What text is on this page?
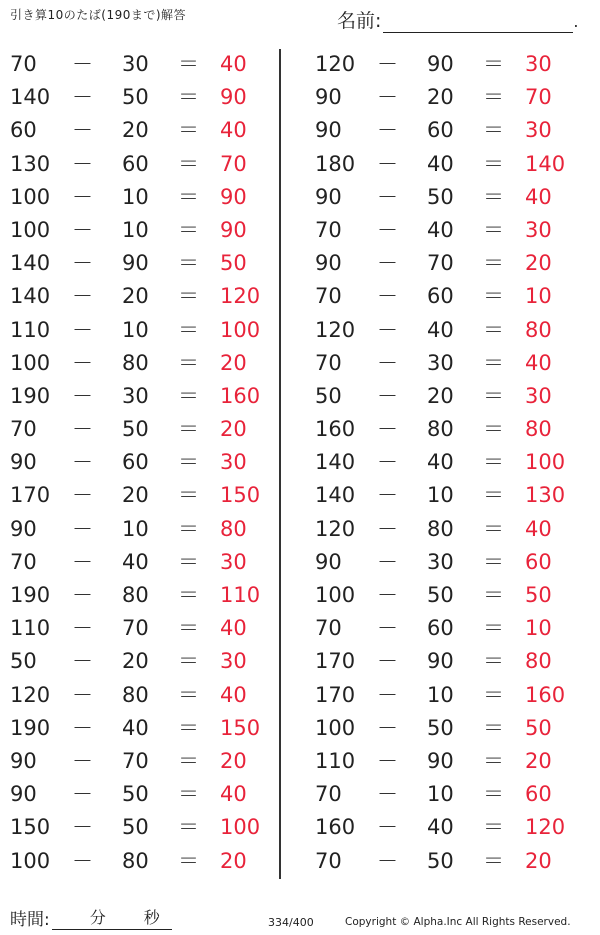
引き算10のたば(190まで)解答	名前:	.
70 － 30 ＝ 40
140 － 50 ＝ 90
60 － 20 ＝ 40
130 － 60 ＝ 70
100 － 10 ＝ 90
100 － 10 ＝ 90
140 － 90 ＝ 50
140 － 20 ＝ 120
110 － 10 ＝ 100
100 － 80 ＝ 20
190 － 30 ＝ 160
70 － 50 ＝ 20
90 － 60 ＝ 30
170 － 20 ＝ 150
90 － 10 ＝ 80
70 － 40 ＝ 30
190 － 80 ＝ 110
110 － 70 ＝ 40
50 － 20 ＝ 30
120 － 80 ＝ 40
190 － 40 ＝ 150
90 － 70 ＝ 20
90 － 50 ＝ 40
150 － 50 ＝ 100
100 － 80 ＝ 20
120 － 90 ＝ 30
90 － 20 ＝ 70
90 － 60 ＝ 30
180 － 40 ＝ 140
90 － 50 ＝ 40
70 － 40 ＝ 30
90 － 70 ＝ 20
70 － 60 ＝ 10
120 － 40 ＝ 80
70 － 30 ＝ 40
50 － 20 ＝ 30
160 － 80 ＝ 80
140 － 40 ＝ 100
140 － 10 ＝ 130
120 － 80 ＝ 40
90 － 30 ＝ 60
100 － 50 ＝ 50
70 － 60 ＝ 10
170 － 90 ＝ 80
170 － 10 ＝ 160
100 － 50 ＝ 50
110 － 90 ＝ 20
70 － 10 ＝ 60
160 － 40 ＝ 120
70 － 50 ＝ 20
時間:	分 秒	334/400	Copyright © Alpha.Inc All Rights Reserved.
